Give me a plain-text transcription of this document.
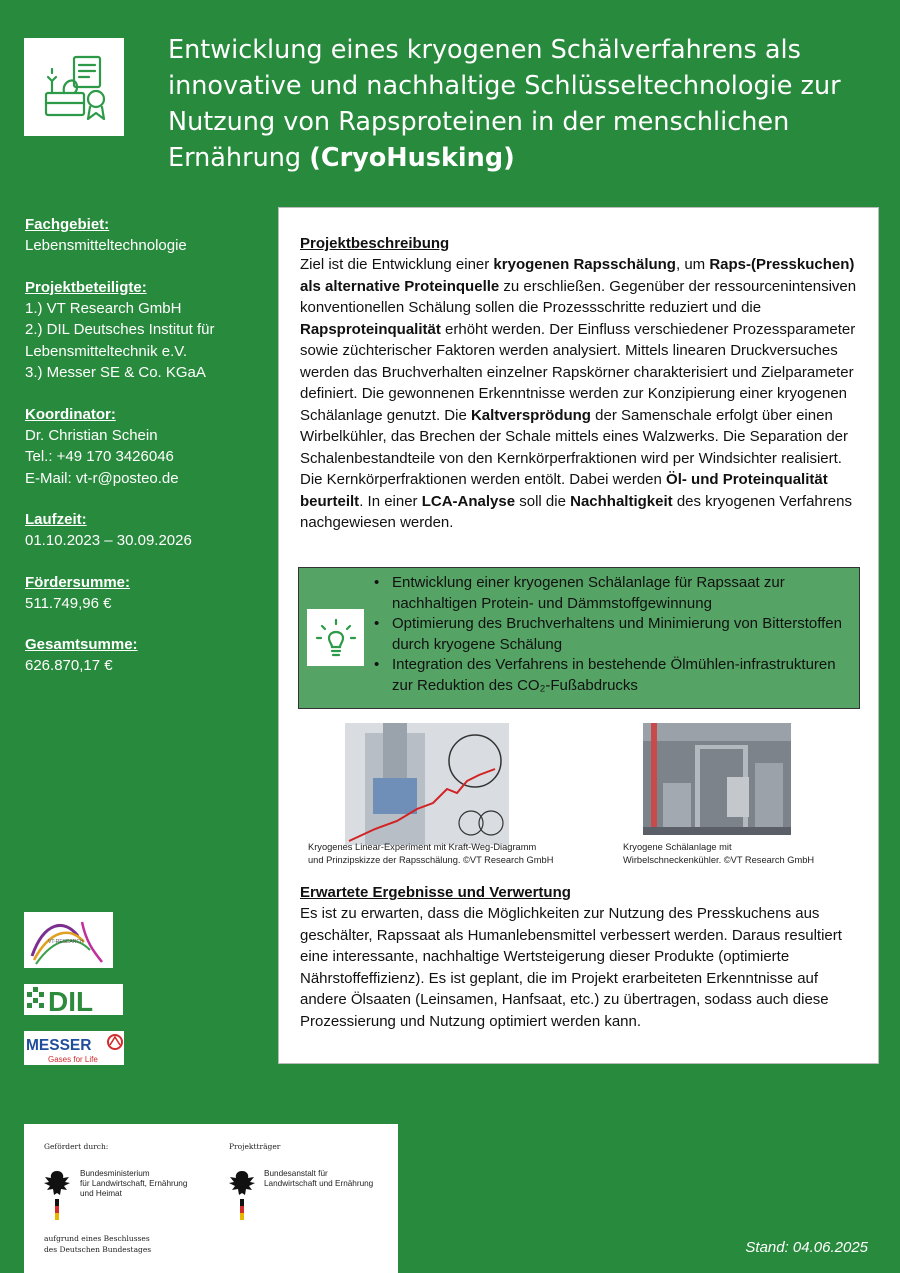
Entwicklung eines kryogenen Schälverfahrens als innovative und nachhaltige Schlüsseltechnologie zur Nutzung von Rapsproteinen in der menschlichen Ernährung (CryoHusking)
Fachgebiet:
Lebensmitteltechnologie
Projektbeteiligte:
1.) VT Research GmbH
2.) DIL Deutsches Institut für
Lebensmitteltechnik e.V.
3.) Messer SE & Co. KGaA
Koordinator:
Dr. Christian Schein
Tel.: +49 170 3426046
E-Mail: vt-r@posteo.de
Laufzeit:
01.10.2023 – 30.09.2026
Fördersumme:
511.749,96 €
Gesamtsumme:
626.870,17 €
Projektbeschreibung

Ziel ist die Entwicklung einer kryogenen Rapsschälung, um Raps-(Presskuchen) als alternative Proteinquelle zu erschließen. Gegenüber der ressourcenintensiven konventionellen Schälung sollen die Prozessschritte reduziert und die Rapsproteinqualität erhöht werden. Der Einfluss verschiedener Prozessparameter sowie züchterischer Faktoren werden analysiert. Mittels linearen Druckversuches werden das Bruchverhalten einzelner Rapskörner charakterisiert und Zielparameter definiert. Die gewonnenen Erkenntnisse werden zur Konzipierung einer kryogenen Schälanlage genutzt. Die Kaltversprödung der Samenschale erfolgt über einen Wirbelkühler, das Brechen der Schale mittels eines Walzwerks. Die Separation der Schalenbestandteile von den Kernkörperfraktionen wird per Windsichter realisiert. Die Kernkörperfraktionen werden entölt. Dabei werden Öl- und Proteinqualität beurteilt. In einer LCA-Analyse soll die Nachhaltigkeit des kryogenen Verfahrens nachgewiesen werden.

• Entwicklung einer kryogenen Schälanlage für Rapssaat zur nachhaltigen Protein- und Dämmstoffgewinnung
• Optimierung des Bruchverhaltens und Minimierung von Bitterstoffen durch kryogene Schälung
• Integration des Verfahrens in bestehende Ölmühlen-infrastrukturen zur Reduktion des CO₂-Fußabdrucks
Kryogenes Linear-Experiment mit Kraft-Weg-Diagramm
und Prinzipskizze der Rapsschälung. ©VT Research GmbH
Kryogene Schälanlage mit
Wirbelschneckenkühler. ©VT Research GmbH
Erwartete Ergebnisse und Verwertung

Es ist zu erwarten, dass die Möglichkeiten zur Nutzung des Presskuchens aus geschälter, Rapssaat als Humanlebensmittel verbessert werden. Daraus resultiert eine interessante, nachhaltige Wertsteigerung dieser Produkte (optimierte Nährstoffeffizienz). Es ist geplant, die im Projekt erarbeiteten Erkenntnisse auf andere Ölsaaten (Leinsamen, Hanfsaat, etc.) zu übertragen, sodass auch diese Prozessierung und Nutzung optimiert werden kann.

VT-RESEARCH
DIL
MESSER
Gases for Life
Gefördert durch:	Projektträger
Bundesministerium
für Landwirtschaft, Ernährung
und Heimat
Bundesanstalt für
Landwirtschaft und Ernährung
aufgrund eines Beschlusses
des Deutschen Bundestages	Stand: 04.06.2025
